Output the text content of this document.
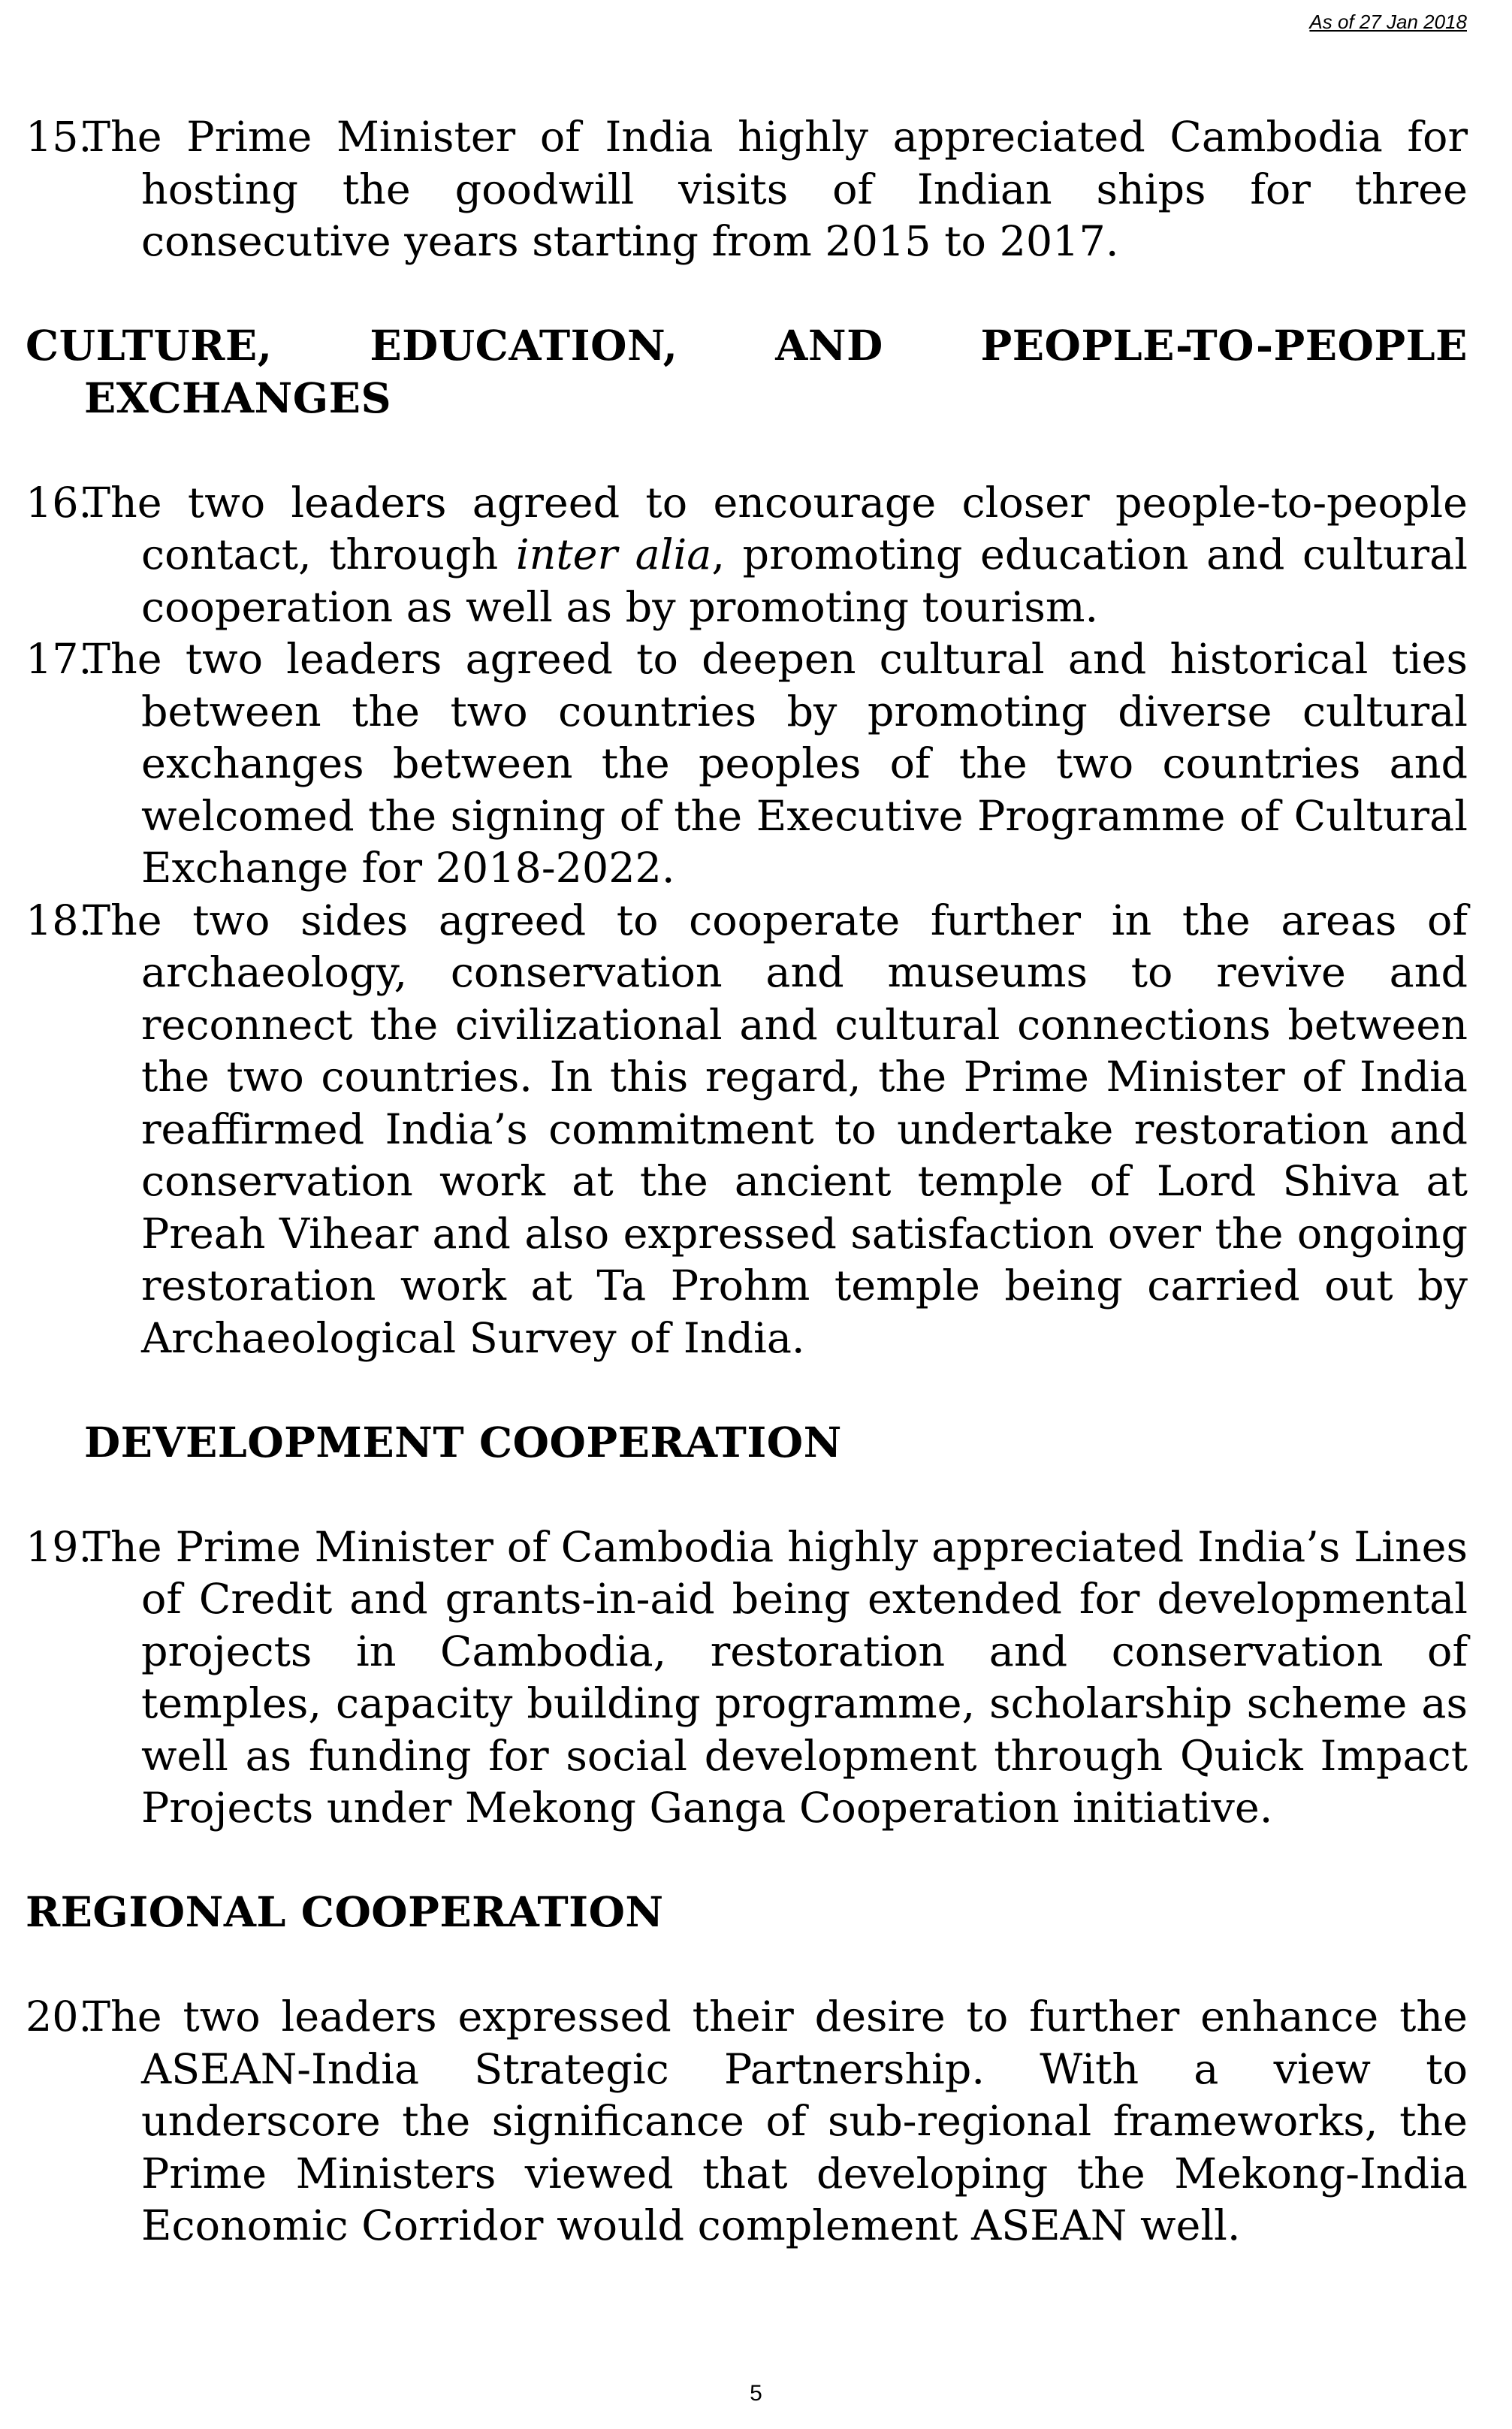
As of 27 Jan 2018
15.
The Prime Minister of India highly appreciated Cambodia for hosting the goodwill visits of Indian ships for three consecutive years starting from 2015 to 2017.
CULTURE, EDUCATION, AND PEOPLE-TO-PEOPLE EXCHANGES
16.
The two leaders agreed to encourage closer people-to-people contact, through inter alia, promoting education and cultural cooperation as well as by promoting tourism.
17.
The two leaders agreed to deepen cultural and historical ties between the two countries by promoting diverse cultural exchanges between the peoples of the two countries and welcomed the signing of the Executive Programme of Cultural Exchange for 2018-2022.
18.
The two sides agreed to cooperate further in the areas of archaeology, conservation and museums to revive and reconnect the civilizational and cultural connections between the two countries. In this regard, the Prime Minister of India reaffirmed India’s commitment to undertake restoration and conservation work at the ancient temple of Lord Shiva at Preah Vihear and also expressed satisfaction over the ongoing restoration work at Ta Prohm temple being carried out by Archaeological Survey of India.
DEVELOPMENT COOPERATION
19.
The Prime Minister of Cambodia highly appreciated India’s Lines of Credit and grants-in-aid being extended for developmental projects in Cambodia, restoration and conservation of temples, capacity building programme, scholarship scheme as well as funding for social development through Quick Impact Projects under Mekong Ganga Cooperation initiative.
REGIONAL COOPERATION
20.
The two leaders expressed their desire to further enhance the ASEAN-India Strategic Partnership. With a view to underscore the significance of sub-regional frameworks, the Prime Ministers viewed that developing the Mekong-India Economic Corridor would complement ASEAN well.
5
